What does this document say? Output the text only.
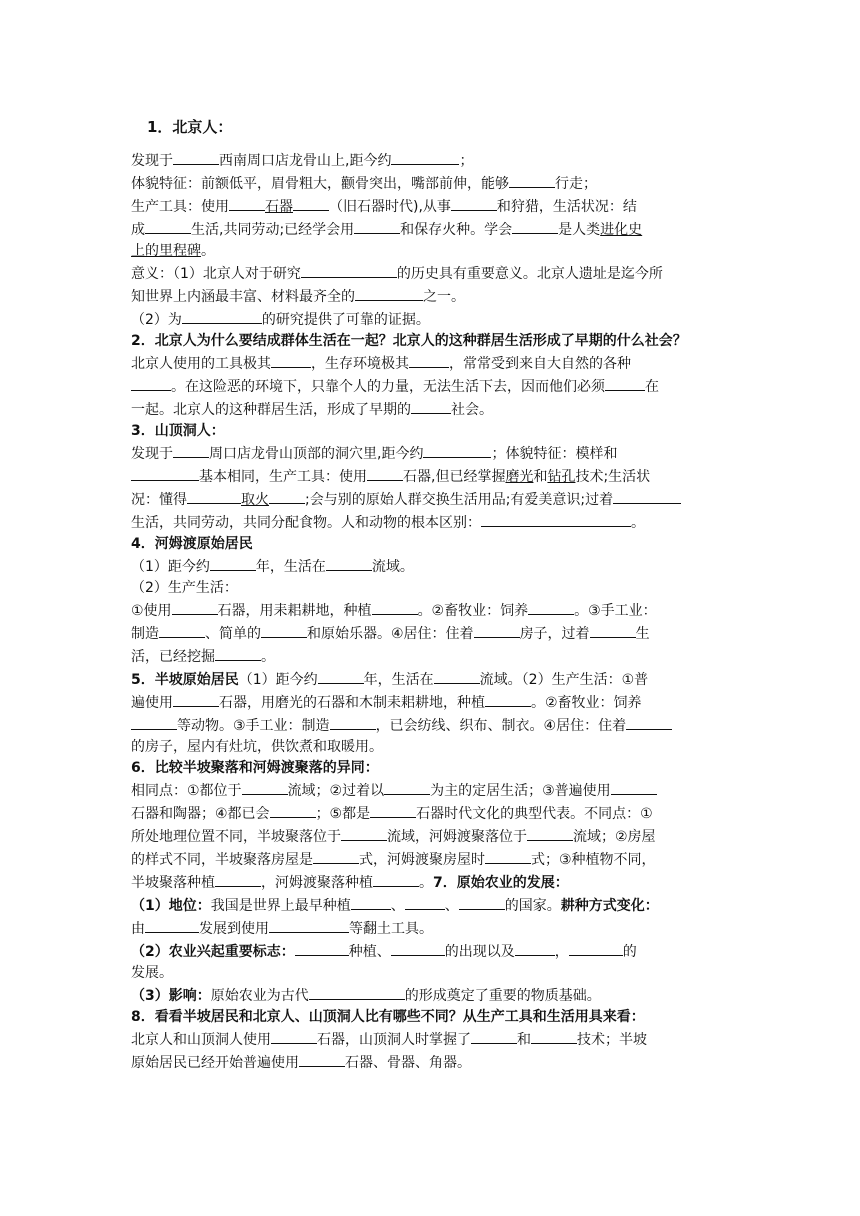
1．北京人：

发现于	西南周口店龙骨山上,距今约	；

体貌特征：前额低平，眉骨粗大，颧骨突出，嘴部前伸，能够	行走；

生产工具：使用	石器	（旧石器时代),从事	和狩猎，生活状况：结

成	生活,共同劳动;已经学会用	和保存火种。学会	是人类进化史

上的里程碑。

意义：（1）北京人对于研究	的历史具有重要意义。北京人遗址是迄今所

知世界上内涵最丰富、材料最齐全的	之一。

（2）为	的研究提供了可靠的证据。

2．北京人为什么要结成群体生活在一起？北京人的这种群居生活形成了早期的什么社会？

北京人使用的工具极其	，生存环境极其	，常常受到来自大自然的各种

。在这险恶的环境下，只靠个人的力量，无法生活下去，因而他们必须	在

一起。北京人的这种群居生活，形成了早期的	社会。

3．山顶洞人：

发现于	周口店龙骨山顶部的洞穴里,距今约	；体貌特征：模样和

基本相同，生产工具：使用	石器,但已经掌握磨光和钻孔技术;生活状

况：懂得	取火	;会与别的原始人群交换生活用品;有爱美意识;过着

生活，共同劳动，共同分配食物。人和动物的根本区别：	。

4．河姆渡原始居民

（1）距今约	年，生活在	流域。

（2）生产生活：

①使用	石器，用耒耜耕地，种植	。②畜牧业：饲养	。③手工业：

制造	、简单的	和原始乐器。④居住：住着	房子，过着	生

活，已经挖掘	。

5．半坡原始居民（1）距今约	年，生活在	流域。（2）生产生活：①普

遍使用	石器，用磨光的石器和木制耒耜耕地，种植	。②畜牧业：饲养

等动物。③手工业：制造	，已会纺线、织布、制衣。④居住：住着

的房子，屋内有灶坑，供饮煮和取暖用。

6．比较半坡聚落和河姆渡聚落的异同：

相同点：①都位于	流域；②过着以	为主的定居生活；③普遍使用

石器和陶器；④都已会	；⑤都是	石器时代文化的典型代表。不同点：①

所处地理位置不同，半坡聚落位于	流域，河姆渡聚落位于	流域；②房屋

的样式不同，半坡聚落房屋是	式，河姆渡聚房屋时	式；③种植物不同，

半坡聚落种植	，河姆渡聚落种植	。7．原始农业的发展：

（1）地位：我国是世界上最早种植	、	、	的国家。耕种方式变化：

由	发展到使用	等翻土工具。

（2）农业兴起重要标志：	种植、	的出现以及	，	的

发展。

（3）影响：原始农业为古代	的形成奠定了重要的物质基础。

8．看看半坡居民和北京人、山顶洞人比有哪些不同？从生产工具和生活用具来看：

北京人和山顶洞人使用	石器，山顶洞人时掌握了	和	技术；半坡

原始居民已经开始普遍使用	石器、骨器、角器。
